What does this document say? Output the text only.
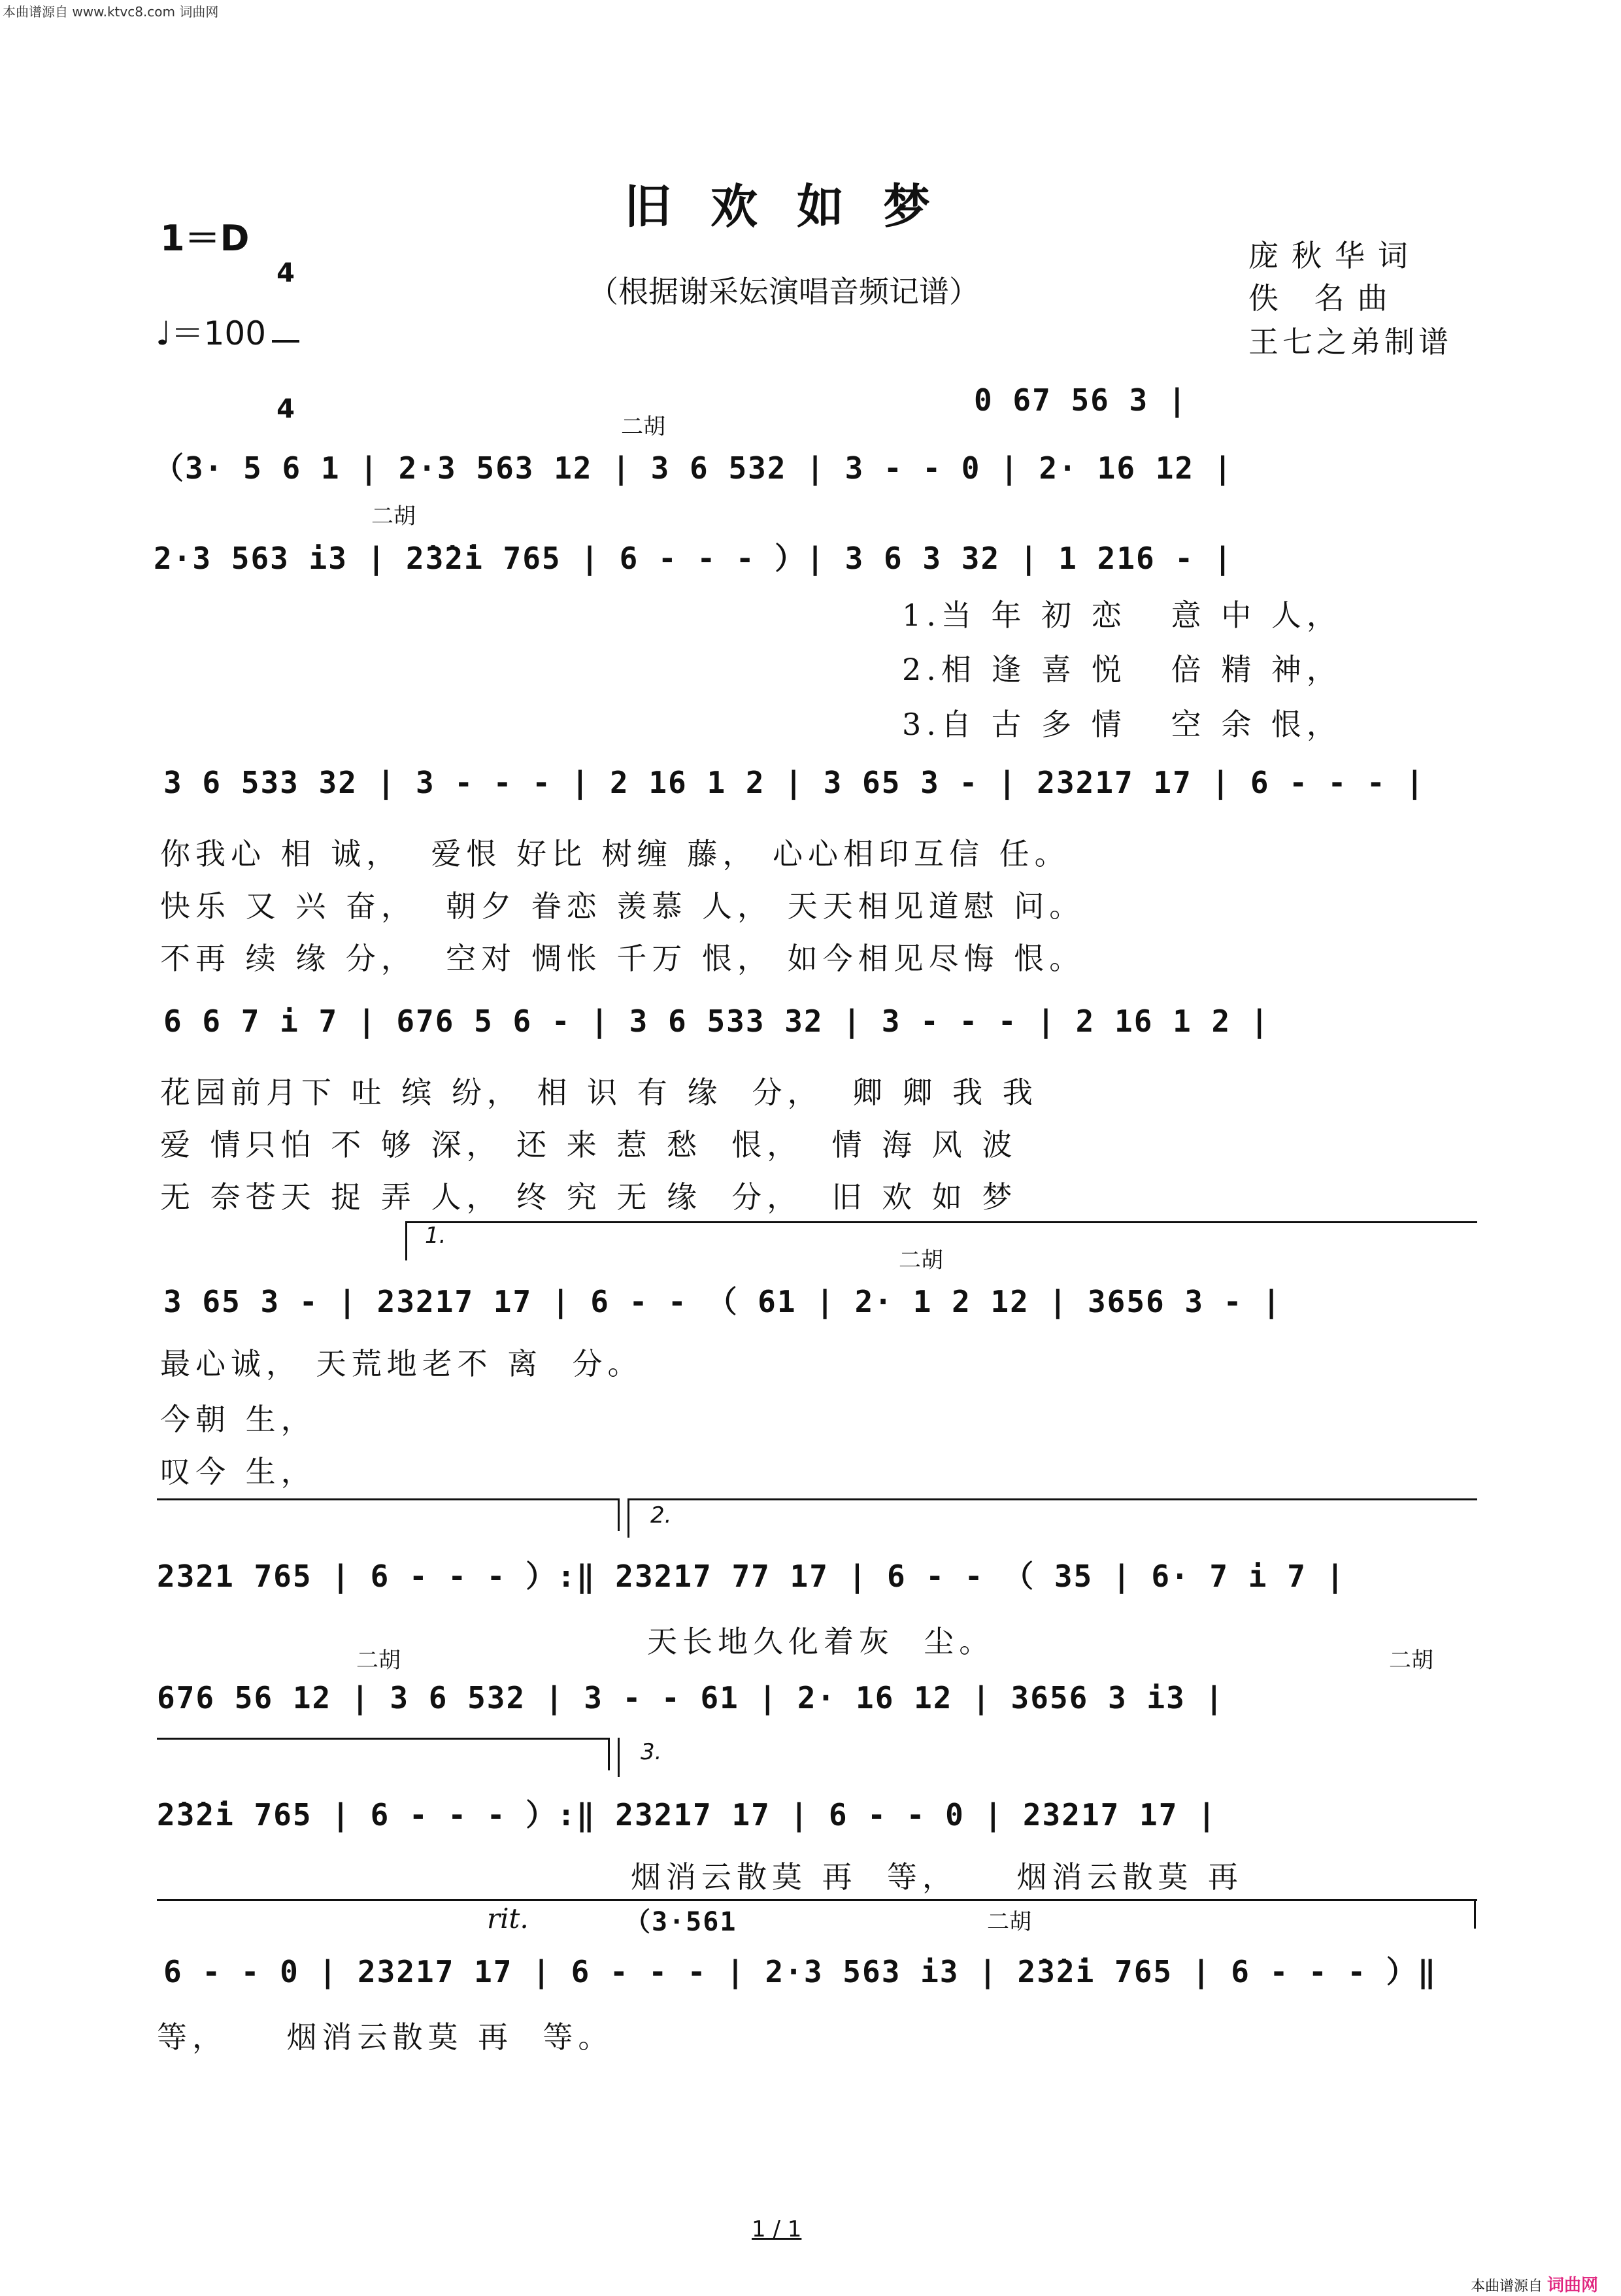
本曲谱源自 www.ktvc8.com 词曲网
旧欢如梦
（根据谢采妘演唱音频记谱）
1＝D

4

4

♩＝100
庞秋华词
佚 名曲
王七之弟制谱
0 67 56 3 |
二胡
（3· 5 6 1 | 2·3 563 12 | 3 6 532 | 3 - - 0 | 2· 16 12 |
二胡
2·3 563 i3 | 2̇3̇2̇i 765 | 6 - - - ）| 3 6 3 32 | 1 216 - |
1.当 年 初 恋   意 中 人，
2.相 逢 喜 悦   倍 精 神，
3.自 古 多 情   空 余 恨，
3 6 533 32 | 3 - - - | 2 16 1 2 | 3 65 3 - | 23217 17 | 6 - - - |
你我心 相 诚，  爱恨 好比 树缠 藤， 心心相印互信 任。
快乐 又 兴 奋，  朝夕 眷恋 羡慕 人， 天天相见道慰 问。
不再 续 缘 分，  空对 惆怅 千万 恨， 如今相见尽悔 恨。
6 6 7 i 7 | 676 5 6 - | 3 6 533 32 | 3 - - - | 2 16 1 2 |
花园前月下 吐 缤 纷， 相 识 有 缘  分，  卿 卿 我 我
爱 情只怕 不 够 深， 还 来 惹 愁  恨，  情 海 风 波
无 奈苍天 捉 弄 人， 终 究 无 缘  分，  旧 欢 如 梦
1.
二胡
3 65 3 - | 23217 17 | 6 - - （ 61 | 2· 1 2 12 | 3656 3 - |
最心诚， 天荒地老不 离  分。
今朝 生，
叹今 生，
2.
2321 765 | 6 - - - ）:‖ 23217 77 17 | 6 - - （ 35 | 6· 7 i 7 |
天长地久化着灰  尘。
二胡	二胡
676 56 12 | 3 6 532 | 3 - - 61 | 2· 16 12 | 3656 3 i3 |
3.
2̇3̇2̇i 765 | 6 - - - ）:‖ 23217 17 | 6 - - 0 | 23217 17 |
烟消云散莫 再  等，    烟消云散莫 再
rit.	（3·561	二胡
6 - - 0 | 23217 17 | 6 - - - | 2·3 563 i3 | 2̇3̇2̇i 765 | 6 - - - ）‖
等，    烟消云散莫 再  等。
1 / 1
本曲谱源自 词曲网
